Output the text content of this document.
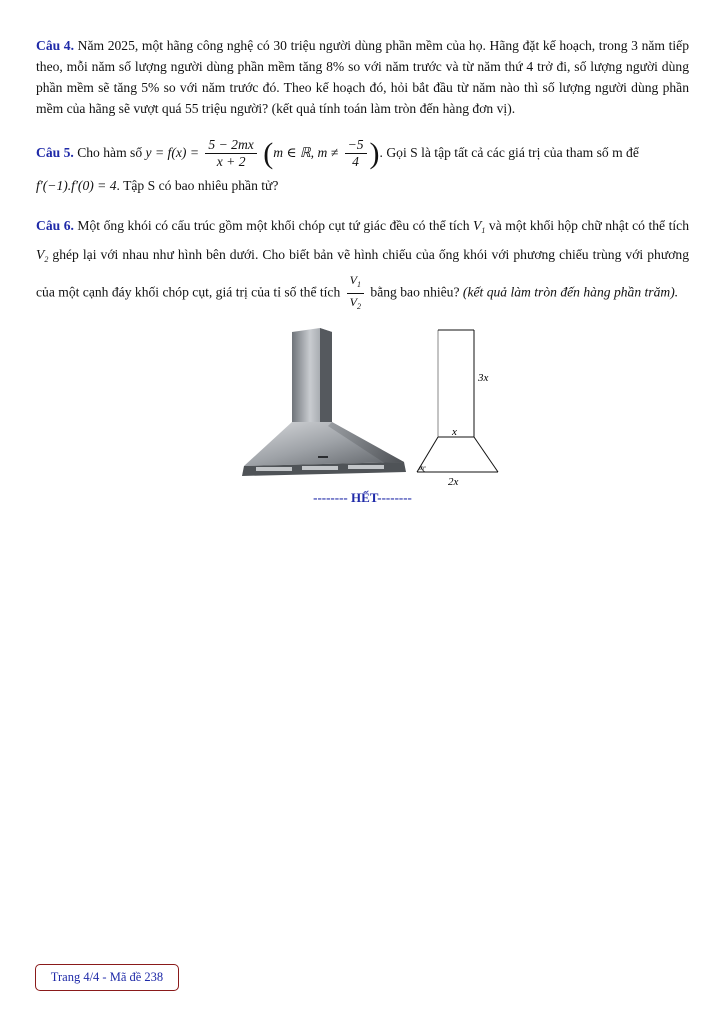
Câu 4. Năm 2025, một hãng công nghệ có 30 triệu người dùng phần mềm của họ. Hãng đặt kế hoạch, trong 3 năm tiếp theo, mỗi năm số lượng người dùng phần mềm tăng 8% so với năm trước và từ năm thứ 4 trở đi, số lượng người dùng phần mềm sẽ tăng 5% so với năm trước đó. Theo kế hoạch đó, hỏi bắt đầu từ năm nào thì số lượng người dùng phần mềm của hãng sẽ vượt quá 55 triệu người? (kết quả tính toán làm tròn đến hàng đơn vị).
Câu 5. Cho hàm số $y = f(x) = \frac{5 - 2mx}{x + 2} (m$ ∈ ℝ, $m \ne \frac{-5}{4}$ ). Gọi S là tập tất cả các giá trị của tham số m để
f′(−1).f′(0) = 4. Tập S có bao nhiêu phần tử?
Câu 6. Một ống khói có cấu trúc gồm một khối chóp cụt tứ giác đều có thể tích $V_1$ và một khối hộp chữ nhật có thể tích $V_2$ ghép lại với nhau như hình bên dưới. Cho biết bản vẽ hình chiếu của ống khói với phương chiếu trùng với phương của một cạnh đáy khối chóp cụt, giá trị của tỉ số thể tích $\frac{V_1}{V_2}$ bằng bao nhiêu? (kết quả làm tròn đến hàng phần trăm).
3x
x
2x
60°
-------- HẾT--------
Trang 4/4 - Mã đề 238
